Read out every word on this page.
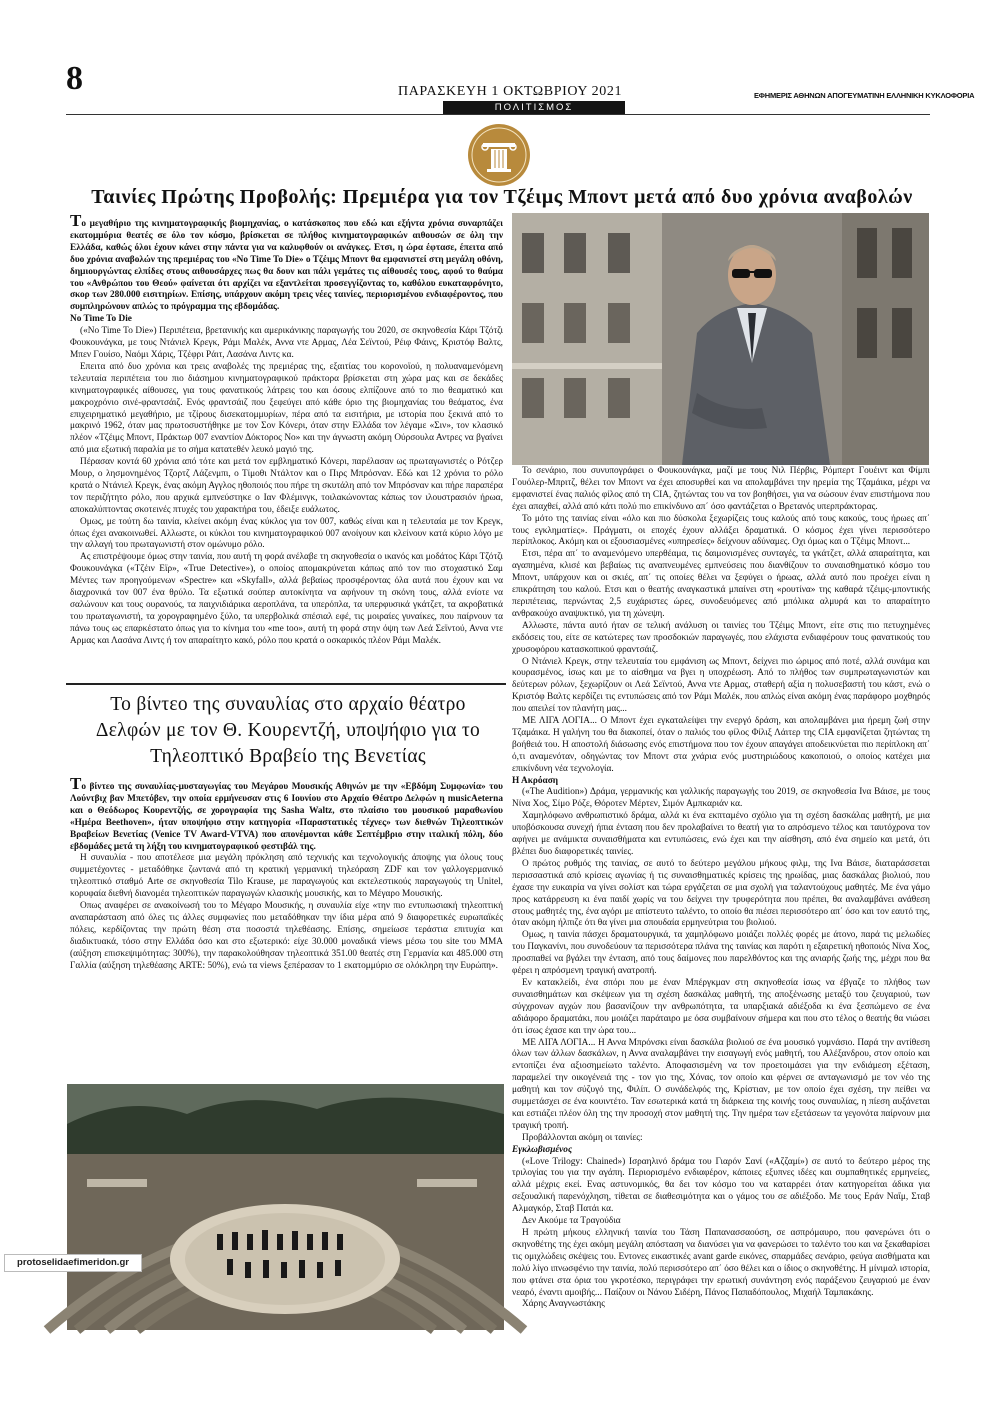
8	ΠΑΡΑΣΚΕΥΗ 1 ΟΚΤΩΒΡΙΟΥ 2021	ΕΦΗΜΕΡΙΣ ΑΘΗΝΩΝ ΑΠΟΓΕΥΜΑΤΙΝΗ ΕΛΛΗΝΙΚΗ ΚΥΚΛΟΦΟΡΙΑ
ΠΟΛΙΤΙΣΜΟΣ
Ταινίες Πρώτης Προβολής: Πρεμιέρα για τον Τζέιμς Μποντ μετά από δυο χρόνια αναβολών

Το μεγαθήριο της κινηματογραφικής βιομηχανίας, ο κατάσκοπος που εδώ και εξήντα χρόνια συναρπάζει εκατομμύρια θεατές σε όλο τον κόσμο, βρίσκεται σε πλήθος κινηματογραφικών αιθουσών σε όλη την Ελλάδα, καθώς όλοι έχουν κάνει στην πάντα για να καλυφθούν οι ανάγκες. Ετσι, η ώρα έφτασε, έπειτα από δυο χρόνια αναβολών της πρεμιέρας του «No Time To Die» ο Τζέιμς Μποντ θα εμφανιστεί στη μεγάλη οθόνη, δημιουργώντας ελπίδες στους αιθουσάρχες πως θα δουν και πάλι γεμάτες τις αίθουσές τους, αφού το θαύμα του «Ανθρώπου του Θεού» φαίνεται ότι αρχίζει να εξαντλείται προσεγγίζοντας το, καθόλου ευκαταφρόνητο, σκορ των 280.000 εισιτηρίων. Επίσης, υπάρχουν ακόμη τρεις νέες ταινίες, περιορισμένου ενδιαφέροντος, που συμπληρώνουν απλώς το πρόγραμμα της εβδομάδας.

No Time To Die

(«No Time To Die») Περιπέτεια, βρετανικής και αμερικάνικης παραγωγής του 2020, σε σκηνοθεσία Κάρι Τζότζι Φουκουνάγκα, με τους Ντάνιελ Κρεγκ, Ράμι Μαλέκ, Αννα ντε Αρμας, Λέα Σεϊντού, Ρέιφ Φάινς, Κριστόφ Βαλτς, Μπεν Γουίσο, Ναόμι Χάρις, Τζέφρι Ράιτ, Λασάνα Λιντς κα.

Επειτα από δυο χρόνια και τρεις αναβολές της πρεμιέρας της, εξαιτίας του κορονοϊού, η πολυαναμενόμενη τελευταία περιπέτεια του πιο διάσημου κινηματογραφικού πράκτορα βρίσκεται στη χώρα μας και σε δεκάδες κινηματογραφικές αίθουσες, για τους φανατικούς λάτρεις του και όσους ελπίζουνε από το πιο θεαματικό και μακροχρόνιο σινέ-φραντσάιζ. Ενός φραντσάιζ που ξεφεύγει από κάθε όριο της βιομηχανίας του θεάματος, ένα επιχειρηματικό μεγαθήριο, με τζίρους δισεκατομμυρίων, πέρα από τα εισιτήρια, με ιστορία που ξεκινά από το μακρινό 1962, όταν μας πρωτοσυστήθηκε με τον Σον Κόνερι, όταν στην Ελλάδα τον λέγαμε «Σιν», τον κλασικό πλέον «Τζέιμς Μποντ, Πράκτωρ 007 εναντίον Δόκτορος Νο» και την άγνωστη ακόμη Ούρσουλα Αντρες να βγαίνει από μια εξωτική παραλία με το σήμα κατατεθέν λευκό μαγιό της.

Πέρασαν κοντά 60 χρόνια από τότε και μετά τον εμβληματικό Κόνερι, παρέλασαν ως πρωταγωνιστές ο Ρότζερ Μουρ, ο λησμονημένος Τζορτζ Λάζενμπι, ο Τίμοθι Ντάλτον και ο Πιρς Μπρόσναν. Εδώ και 12 χρόνια το ρόλο κρατά ο Ντάνιελ Κρεγκ, ένας ακόμη Αγγλος ηθοποιός που πήρε τη σκυτάλη από τον Μπρόσναν και πήρε παραπέρα τον περιζήτητο ρόλο, που αρχικά εμπνεύστηκε ο Ιαν Φλέμινγκ, τοιλακώνοντας κάπως τον ιλουστρασιόν ήρωα, αποκαλύπτοντας σκοτεινές πτυχές του χαρακτήρα του, έδειξε ευάλωτος.

Ομως, με τούτη δω ταινία, κλείνει ακόμη ένας κύκλος για τον 007, καθώς είναι και η τελευταία με τον Κρεγκ, όπως έχει ανακοινωθεί. Αλλωστε, οι κύκλοι του κινηματογραφικού 007 ανοίγουν και κλείνουν κατά κύριο λόγο με την αλλαγή του πρωταγωνιστή στον ομώνυμο ρόλο.

Ας επιστρέψουμε όμως στην ταινία, που αυτή τη φορά ανέλαβε τη σκηνοθεσία ο ικανός και μοδάτος Κάρι Τζότζι Φουκουνάγκα («Τζέιν Εϊρ», «True Detective»), ο οποίος απομακρύνεται κάπως από τον πιο στοχαστικό Σαμ Μέντες των προηγούμενων «Spectre» και «Skyfall», αλλά βεβαίως προσφέροντας όλα αυτά που έχουν και να διαχρονικά τον 007 ένα θρύλο. Τα εξωτικά σούπερ αυτοκίνητα να αφήνουν τη σκόνη τους, αλλά ενίοτε να σαλώνουν και τους ουρανούς, τα παιχνιδιάρικα αεροπλάνα, τα υπερόπλα, τα υπερφυσικά γκάτζετ, τα ακροβατικά του πρωταγωνιστή, τα χορογραφημένο ξύλο, τα υπερβολικά σπέσιαλ εφέ, τις μοιραίες γυναίκες, που παίρνουν τα πάνω τους ως επαρκέστατο όπως για το κίνημα του «me too», αυτή τη φορά στην όψη των Λεά Σεϊντού, Αννα ντε Αρμας και Λασάνα Λιντς ή τον απαραίτητο κακό, ρόλο που κρατά ο οσκαρικός πλέον Ράμι Μαλέκ.

Το βίντεο της συναυλίας στο αρχαίο θέατρο Δελφών με τον Θ. Κουρεντζή, υποψήφιο για το Τηλεοπτικό Βραβείο της Βενετίας

Το βίντεο της συναυλίας-μυσταγωγίας του Μεγάρου Μουσικής Αθηνών με την «Εβδόμη Συμφωνία» του Λούντβιχ βαν Μπετόβεν, την οποία ερμήνευσαν στις 6 Ιουνίου στο Αρχαίο Θέατρο Δελφών η musicAeterna και ο Θεόδωρος Κουρεντζής, σε χορογραφία της Sasha Waltz, στο πλαίσιο του μουσικού μαραθωνίου «Ημέρα Beethoven», ήταν υποψήφιο στην κατηγορία «Παραστατικές τέχνες» των διεθνών Τηλεοπτικών Βραβείων Βενετίας (Venice TV Award-VTVA) που απονέμονται κάθε Σεπτέμβριο στην ιταλική πόλη, δύο εβδομάδες μετά τη λήξη του κινηματογραφικού φεστιβάλ της.

Η συναυλία - που αποτέλεσε μια μεγάλη πρόκληση από τεχνικής και τεχνολογικής άποψης για όλους τους συμμετέχοντες - μεταδόθηκε ζωντανά από τη κρατική γερμανική τηλεόραση ZDF και τον γαλλογερμανικό τηλεοπτικό σταθμό Arte σε σκηνοθεσία Tilo Krause, με παραγωγούς και εκτελεστικούς παραγωγούς τη Unitel, κορυφαία διεθνή διανομέα τηλεοπτικών παραγωγών κλασικής μουσικής, και το Μέγαρο Μουσικής.

Οπως αναφέρει σε ανακοίνωσή του το Μέγαρο Μουσικής, η συναυλία είχε «την πιο εντυπωσιακή τηλεοπτική αναπαράσταση από όλες τις άλλες συμφωνίες που μεταδόθηκαν την ίδια μέρα από 9 διαφορετικές ευρωπαϊκές πόλεις, κερδίζοντας την πρώτη θέση στα ποσοστά τηλεθέασης. Επίσης, σημείωσε τεράστια επιτυχία και διαδικτυακά, τόσο στην Ελλάδα όσο και στο εξωτερικό: είχε 30.000 μοναδικά views μέσω του site του ΜΜΑ (αύξηση επισκεψιμότητας: 300%), την παρακολούθησαν τηλεοπτικά 351.00 θεατές στη Γερμανία και 485.000 στη Γαλλία (αύξηση τηλεθέασης ARTE: 50%), ενώ τα views ξεπέρασαν το 1 εκατομμύριο σε ολόκληρη την Ευρώπη».

Το σενάριο, που συνυπογράφει ο Φουκουνάγκα, μαζί με τους Νιλ Πέρβις, Ρόμπερτ Γουέιντ και Φίμπι Γουόλερ-Μπριτζ, θέλει τον Μποντ να έχει αποσυρθεί και να απολαμβάνει την ηρεμία της Τζαμάικα, μέχρι να εμφανιστεί ένας παλιός φίλος από τη CIA, ζητώντας του να τον βοηθήσει, για να σώσουν έναν επιστήμονα που έχει απαχθεί, αλλά από κάτι πολύ πιο επικίνδυνο απ΄ όσο φαντάζεται ο Βρετανός υπερπράκτορας.

Το μότο της ταινίας είναι «όλο και πιο δύσκολα ξεχωρίζεις τους καλούς από τους κακούς, τους ήρωες απ΄ τους εγκληματίες». Πράγματι, οι εποχές έχουν αλλάξει δραματικά. Ο κόσμος έχει γίνει περισσότερο περίπλοκος. Ακόμη και οι εξουσιασμένες «υπηρεσίες» δείχνουν αδύναμες. Οχι όμως και ο Τζέιμς Μποντ...

Ετσι, πέρα απ΄ το αναμενόμενο υπερθέαμα, τις δαιμονισμένες συνταγές, τα γκάτζετ, αλλά απαραίτητα, και αγαπημένα, κλισέ και βεβαίως τις αναπνευμένες εμπνεύσεις που διανθίζουν το συναισθηματικό κόσμο του Μποντ, υπάρχουν και οι σκιές, απ΄ τις οποίες θέλει να ξεφύγει ο ήρωας, αλλά αυτό που προέχει είναι η επικράτηση του καλού. Ετσι και ο θεατής αναγκαστικά μπαίνει στη «ρουτίνα» της καθαρά τζέιμς-μποντικής περιπέτειας, περνώντας 2,5 ευχάριστες ώρες, συνοδευόμενες από μπόλικα αλμυρά και το απαραίτητο ανθρακούχο αναψυκτικό, για τη χώνεψη.

Αλλωστε, πάντα αυτό ήταν σε τελική ανάλυση οι ταινίες του Τζέιμς Μποντ, είτε στις πιο πετυχημένες εκδόσεις του, είτε σε κατώτερες των προσδοκιών παραγωγές, που ελάχιστα ενδιαφέρουν τους φανατικούς του χρυσοφόρου κατασκοπικού φραντσάιζ.

Ο Ντάνιελ Κρεγκ, στην τελευταία του εμφάνιση ως Μποντ, δείχνει πιο ώριμος από ποτέ, αλλά συνάμα και κουρασμένος, ίσως και με το αίσθημα να βγει η υποχρέωση. Από το πλήθος των συμπρωταγωνιστών και δεύτερων ρόλων, ξεχωρίζουν οι Λεά Σεϊντού, Αννα ντε Αρμας, σταθερή αξία η πολυσεβαστή του κάστ, ενώ ο Κριστόφ Βαλτς κερδίζει τις εντυπώσεις από τον Ράμι Μαλέκ, που απλώς είναι ακόμη ένας παράφορο μοχθηρός που απειλεί τον πλανήτη μας...

ΜΕ ΛΙΓΑ ΛΟΓΙΑ... Ο Μποντ έχει εγκαταλείψει την ενεργό δράση, και απολαμβάνει μια ήρεμη ζωή στην Τζαμάικα. Η γαλήνη του θα διακοπεί, όταν ο παλιός του φίλος Φίλιξ Λάιτερ της CIA εμφανίζεται ζητώντας τη βοήθειά του. Η αποστολή διάσωσης ενός επιστήμονα που τον έχουν απαγάγει αποδεικνύεται πιο περίπλοκη απ΄ ό,τι αναμενόταν, οδηγώντας τον Μποντ στα χνάρια ενός μυστηριώδους κακοποιού, ο οποίος κατέχει μια επικίνδυνη νέα τεχνολογία.

Η Ακρόαση

(«The Audition») Δράμα, γερμανικής και γαλλικής παραγωγής του 2019, σε σκηνοθεσία Ινα Βάισε, με τους Νίνα Χος, Σίμο Ρόζε, Θόροτεν Μέρτεν, Σιμόν Αμπκαριάν κα.

Χαμηλόφωνο ανθρωπιστικό δράμα, αλλά κι ένα εκπταμένο σχόλιο για τη σχέση δασκάλας μαθητή, με μια υποβόσκουσα συνεχή ήπια ένταση που δεν προλαβαίνει το θεατή για το απρόσμενο τέλος και ταυτόχρονα τον αφήνει με ανάμικτα συναισθήματα και εντυπώσεις, ενώ έχει και την αίσθηση, από ένα σημείο και μετά, ότι βλέπει δυο διαφορετικές ταινίες.

Ο πρώτος ρυθμός της ταινίας, σε αυτό το δεύτερο μεγάλου μήκους φιλμ, της Ινα Βάισε, διαταράσσεται περισσαστικά από κρίσεις αγωνίας ή τις συναισθηματικές κρίσεις της ηρωίδας, μιας δασκάλας βιολιού, που έχασε την ευκαιρία να γίνει σολίστ και τώρα εργάζεται σε μια σχολή για ταλαντούχους μαθητές. Με ένα γάμο προς κατάρρευση κι ένα παιδί χωρίς να του δείχνει την τρυφερότητα που πρέπει, θα αναλαμβάνει ανάθεση στους μαθητές της, ένα αγόρι με απίστευτο ταλέντο, το οποίο θα πιέσει περισσότερο απ΄ όσο και τον εαυτό της, όταν ακόμη ήλπιζε ότι θα γίνει μια σπουδαία ερμηνεύτρια του βιολιού.

Ομως, η ταινία πάσχει δραματουργικά, τα χαμηλόφωνο μοιάζει πολλές φορές με άτονο, παρά τις μελωδίες του Παγκανίνι, που συνοδεύουν τα περισσότερα πλάνα της ταινίας και παρότι η εξαιρετική ηθοποιός Νίνα Χος, προσπαθεί να βγάλει την ένταση, από τους δαίμονες που παρελθόντος και της ανιαρής ζωής της, μέχρι που θα φέρει η απρόσμενη τραγική ανατροπή.

Εν κατακλείδι, ένα σπόρι που με έναν Μπέργκμαν στη σκηνοθεσία ίσως να έβγαζε το πλήθος των συναισθημάτων και σκέψεων για τη σχέση δασκάλας μαθητή, της αποξένωσης μεταξύ του ζευγαριού, των σύγχρονων αγχών που βασανίζουν την ανθρωπότητα, τα υπαρξιακά αδιέξοδα κι ένα ξεσπώμενο σε ένα αδιάφορο δραματάκι, που μοιάζει παράταιρο με όσα συμβαίνουν σήμερα και που στο τέλος ο θεατής θα νιώσει ότι ίσως έχασε και την ώρα του...

ΜΕ ΛΙΓΑ ΛΟΓΙΑ... Η Αννα Μπρόνσκι είναι δασκάλα βιολιού σε ένα μουσικό γυμνάσιο. Παρά την αντίθεση όλων των άλλων δασκάλων, η Αννα αναλαμβάνει την εισαγωγή ενός μαθητή, του Αλέξανδρου, στον οποίο και εντοπίζει ένα αξιοσημείωτο ταλέντο. Αποφασισμένη να τον προετοιμάσει για την ενδιάμεση εξέταση, παραμελεί την οικογένειά της - τον γιο της, Χόνας, τον οποίο και φέρνει σε ανταγωνισμό με τον νέο της μαθητή και τον σύζυγό της, Φιλίπ. Ο συνάδελφός της, Κρίστιαν, με τον οποίο έχει σχέση, την πείθει να συμμετάσχει σε ένα κουιντέτο. Ταν εσωτερικά κατά τη διάρκεια της κοινής τους συναυλίας, η πίεση αυξάνεται και εστιάζει πλέον όλη της την προσοχή στον μαθητή της. Την ημέρα των εξετάσεων τα γεγονότα παίρνουν μια τραγική τροπή.

Προβάλλονται ακόμη οι ταινίες:

Εγκλωβισμένος

(«Love Trilogy: Chained») Ισραηλινό δράμα του Γιαρόν Σανί («Αζζαμί») σε αυτό το δεύτερο μέρος της τριλογίας του για την αγάπη. Περιορισμένο ενδιαφέρον, κάποιες εξυπνες ιδέες και συμπαθητικές ερμηνείες, αλλά μέχρις εκεί. Ενας αστυνομικός, θα δει τον κόσμο του να καταρρέει όταν κατηγορείται άδικα για σεξουαλική παρενόχληση, τίθεται σε διαθεσιμότητα και ο γάμος του σε αδιέξοδο. Με τους Εράν Ναΐμ, Σταβ Αλμαγκόρ, Σταβ Πατάι κα.

Δεν Ακούμε τα Τραγούδια

Η πρώτη μήκους ελληνική ταινία του Τάση Παπανασσαούση, σε ασπρόμαυρο, που φανερώνει ότι ο σκηνοθέτης της έχει ακόμη μεγάλη απόσταση να διανύσει για να φανερώσει το ταλέντο του και να ξεκαθαρίσει τις ομιχλώδεις σκέψεις του. Εντονες εικαστικές avant garde εικόνες, σπαρμάδες σενάριο, φεύγα αισθήματα και πολύ λίγο ιπνωσφένιο την ταινία, πολύ περισσότερο απ΄ όσο θέλει και ο ίδιος ο σκηνοθέτης. Η μίνιμαλ ιστορία, που φτάνει στα όρια του γκροτέσκο, περιγράφει την ερωτική συνάντηση ενός παράξενου ζευγαριού με έναν νεαρό, έναντι αμοιβής... Παίζουν οι Νάνου Σιδέρη, Πάνος Παπαδόπουλος, Μιχαήλ Ταμπακάκης.

Χάρης Αναγνωστάκης

protoselidaefimeridon.gr
